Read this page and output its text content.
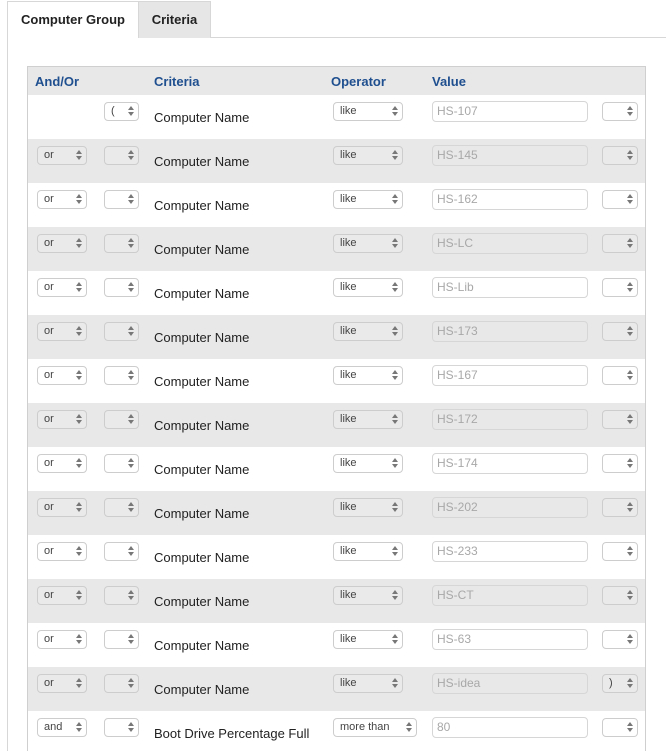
Computer Group	Criteria
And/Or	Criteria	Operator	Value
(	Computer Name	like	HS-107
or	Computer Name	like	HS-145
or	Computer Name	like	HS-162
or	Computer Name	like	HS-LC
or	Computer Name	like	HS-Lib
or	Computer Name	like	HS-173
or	Computer Name	like	HS-167
or	Computer Name	like	HS-172
or	Computer Name	like	HS-174
or	Computer Name	like	HS-202
or	Computer Name	like	HS-233
or	Computer Name	like	HS-CT
or	Computer Name	like	HS-63
or	Computer Name	like	HS-idea	)
and	Boot Drive Percentage Full	more than	80
